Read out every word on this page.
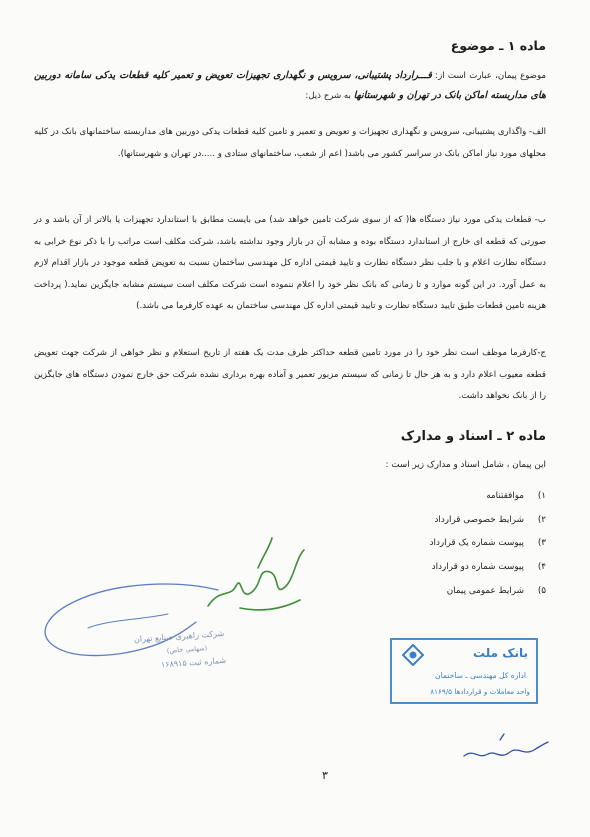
ماده ۱ ـ موضوع
موضوع پیمان، عبارت است از: قـــرارداد پشتیبانی، سرویس و نگهداری تجهیزات تعویض و تعمیر کلیه قطعات یدکی سامانه دوربین های مداربسته اماکن بانک در تهران و شهرستانها به شرح ذیل:
الف- واگذاری پشتیبانی، سرویس و نگهداری تجهیزات و تعویض و تعمیر و تامین کلیه قطعات یدکی دوربین های مداربسته ساختمانهای بانک در کلیه محلهای مورد نیاز اماکن بانک در سراسر کشور می باشد( اعم از شعب، ساختمانهای ستادی و .....در تهران و شهرستانها).
ب- قطعات یدکی مورد نیاز دستگاه ها( که از سوی شرکت تامین خواهد شد) می بایست مطابق با استاندارد تجهیزات یا بالاتر از آن باشد و در صورتی که قطعه ای خارج از استاندارد دستگاه بوده و مشابه آن در بازار وجود نداشته باشد، شرکت مکلف است مراتب را با ذکر نوع خرابی به دستگاه نظارت اعلام و با جلب نظر دستگاه نظارت و تایید قیمتی اداره کل مهندسی ساختمان نسبت به تعویض قطعه موجود در بازار اقدام لازم به عمل آورد. در این گونه موارد و تا زمانی که بانک نظر خود را اعلام ننموده است شرکت مکلف است سیستم مشابه جایگزین نماید.( پرداخت هزینه تامین قطعات طبق تایید دستگاه نظارت و تایید قیمتی اداره کل مهندسی ساختمان به عهده کارفرما می باشد.)
ج-کارفرما موظف است نظر خود را در مورد تامین قطعه حداکثر ظرف مدت یک هفته از تاریخ استعلام و نظر خواهی از شرکت جهت تعویض قطعه معیوب اعلام دارد و به هر حال تا زمانی که سیستم مزبور تعمیر و آماده بهره برداری نشده شرکت حق خارج نمودن دستگاه های جایگزین را از بانک نخواهد داشت.
ماده ۲ ـ اسناد و مدارک
این پیمان ، شامل اسناد و مدارک زیر است :
۱)
موافقتنامه
۲)
شرایط خصوصی قرارداد
۳)
پیوست شماره یک قرارداد
۴)
پیوست شماره دو قرارداد
۵)
شرایط عمومی پیمان
شرکت راهبری صنایع تهران
(سهامی خاص)
شماره ثبت ۱۶۸۹۱۵
بانک ملت
اداره کل مهندسی ـ ساختمان
واحد معاملات و قراردادها ۸۱۶۹/۵
۳
